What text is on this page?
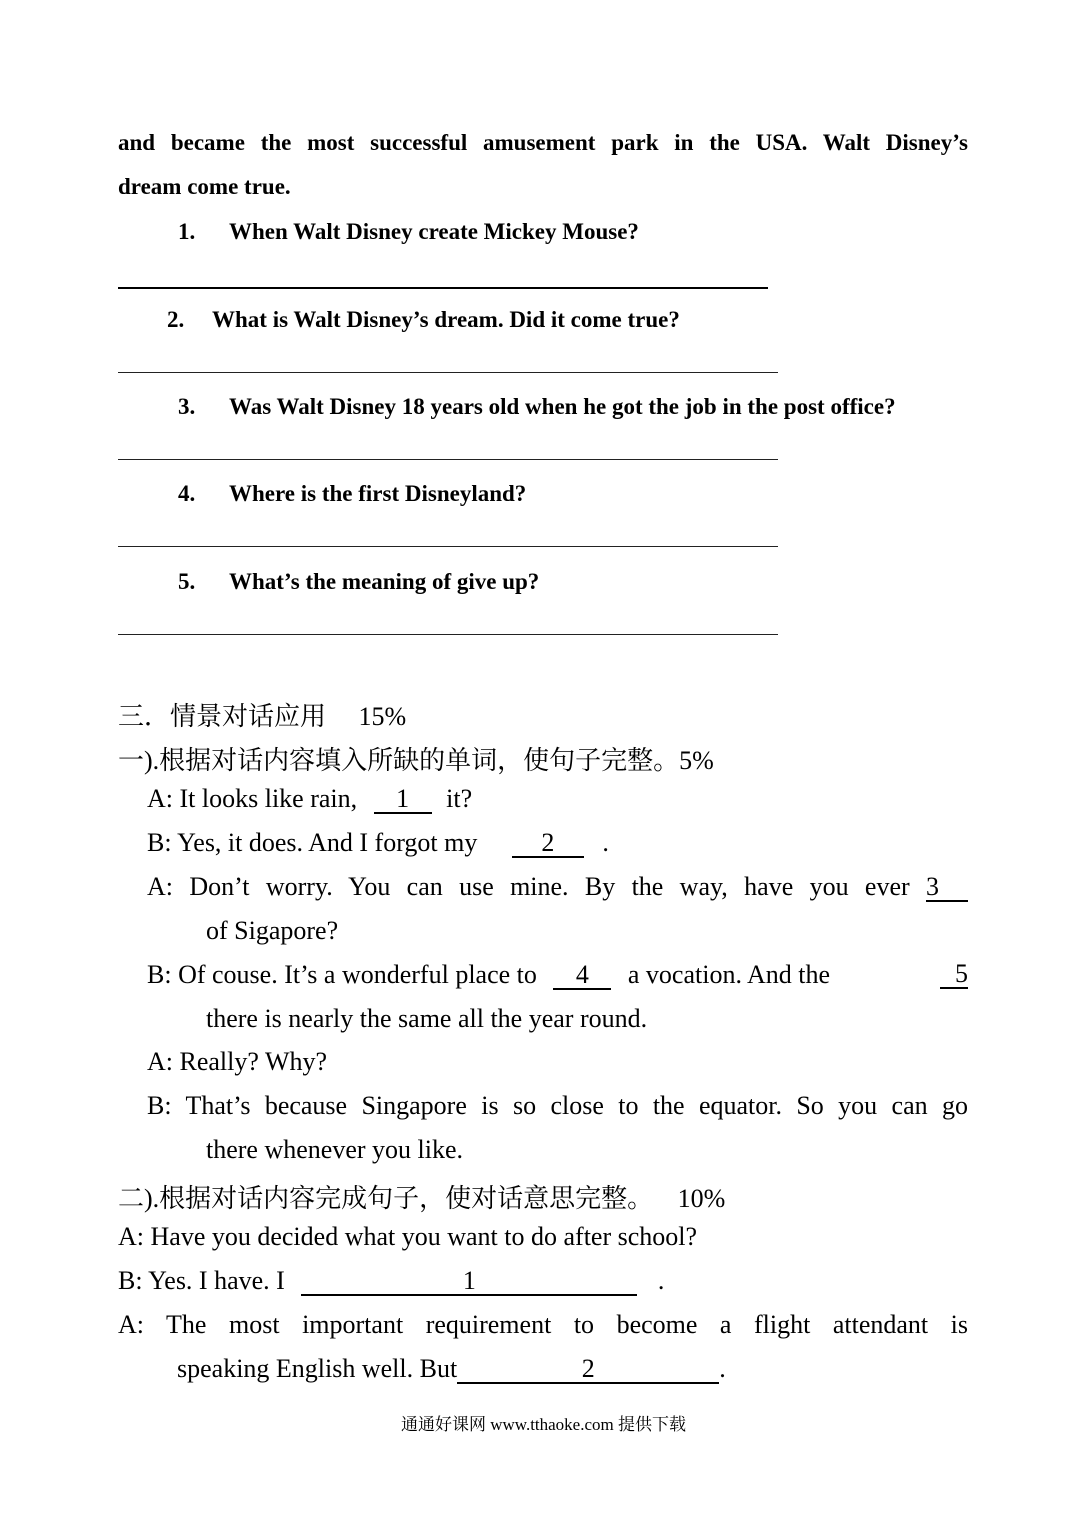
and became the most successful amusement park in the USA. Walt Disney’s
dream come true.
1. When Walt Disney create Mickey Mouse?
2. What is Walt Disney’s dream. Did it come true?
3. Was Walt Disney 18 years old when he got the job in the post office?
4. Where is the first Disneyland?
5. What’s the meaning of give up?
三．情景对话应用 15%
一).根据对话内容填入所缺的单词，使句子完整。5%
A: It looks like rain, 1 it?
B: Yes, it does. And I forgot my 2 .
A: Don’t worry. You can use mine. By the way, have you ever 3
of Sigapore?
B: Of couse. It’s a wonderful place to 4 a vocation. And the	5
there is nearly the same all the year round.
A: Really? Why?
B: That’s because Singapore is so close to the equator. So you can go
there whenever you like.
二).根据对话内容完成句子，使对话意思完整。 10%
A: Have you decided what you want to do after school?
B: Yes. I have. I	1	.
A: The most important requirement to become a flight attendant is
speaking English well. But	2	.
通通好课网 www.tthaoke.com 提供下载
